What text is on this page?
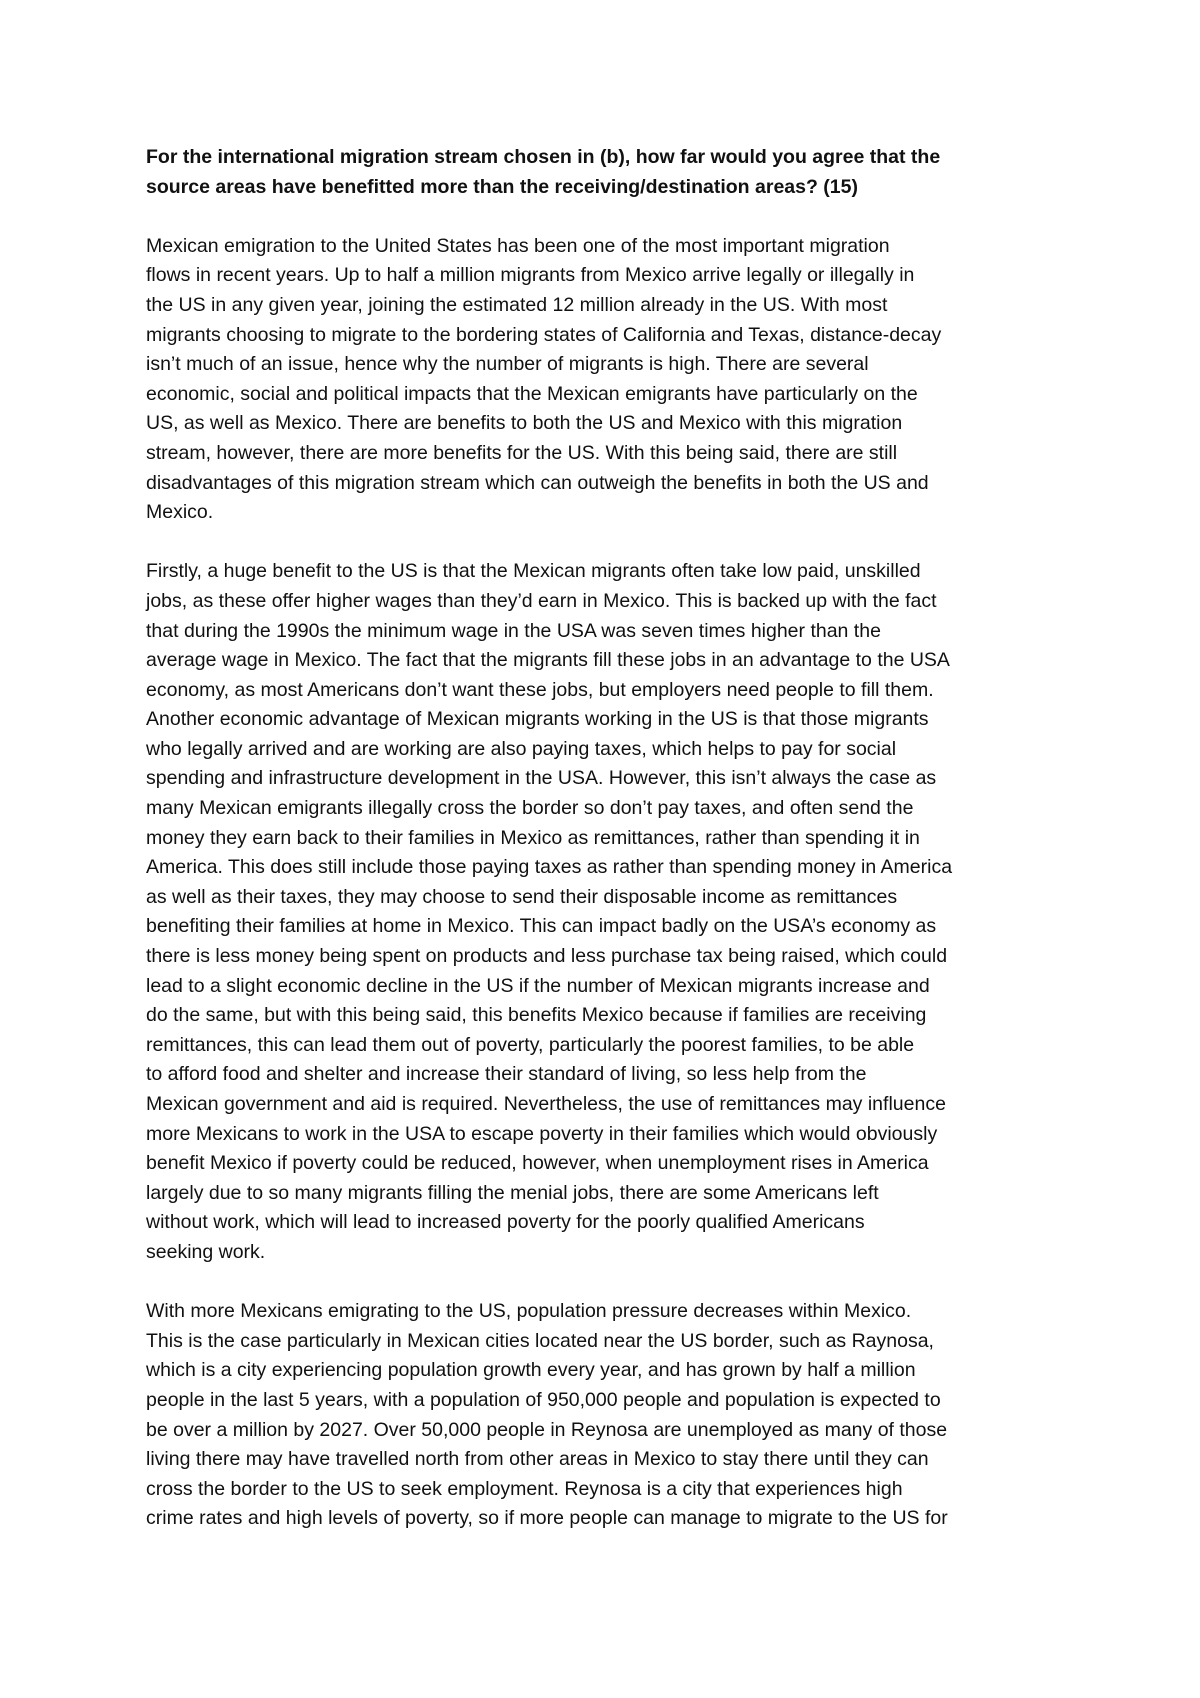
For the international migration stream chosen in (b), how far would you agree that the
source areas have benefitted more than the receiving/destination areas? (15)
Mexican emigration to the United States has been one of the most important migration
flows in recent years. Up to half a million migrants from Mexico arrive legally or illegally in
the US in any given year, joining the estimated 12 million already in the US. With most
migrants choosing to migrate to the bordering states of California and Texas, distance-decay
isn’t much of an issue, hence why the number of migrants is high. There are several
economic, social and political impacts that the Mexican emigrants have particularly on the
US, as well as Mexico. There are benefits to both the US and Mexico with this migration
stream, however, there are more benefits for the US. With this being said, there are still
disadvantages of this migration stream which can outweigh the benefits in both the US and
Mexico.
Firstly, a huge benefit to the US is that the Mexican migrants often take low paid, unskilled
jobs, as these offer higher wages than they’d earn in Mexico. This is backed up with the fact
that during the 1990s the minimum wage in the USA was seven times higher than the
average wage in Mexico. The fact that the migrants fill these jobs in an advantage to the USA
economy, as most Americans don’t want these jobs, but employers need people to fill them.
Another economic advantage of Mexican migrants working in the US is that those migrants
who legally arrived and are working are also paying taxes, which helps to pay for social
spending and infrastructure development in the USA. However, this isn’t always the case as
many Mexican emigrants illegally cross the border so don’t pay taxes, and often send the
money they earn back to their families in Mexico as remittances, rather than spending it in
America. This does still include those paying taxes as rather than spending money in America
as well as their taxes, they may choose to send their disposable income as remittances
benefiting their families at home in Mexico. This can impact badly on the USA’s economy as
there is less money being spent on products and less purchase tax being raised, which could
lead to a slight economic decline in the US if the number of Mexican migrants increase and
do the same, but with this being said, this benefits Mexico because if families are receiving
remittances, this can lead them out of poverty, particularly the poorest families, to be able
to afford food and shelter and increase their standard of living, so less help from the
Mexican government and aid is required. Nevertheless, the use of remittances may influence
more Mexicans to work in the USA to escape poverty in their families which would obviously
benefit Mexico if poverty could be reduced, however, when unemployment rises in America
largely due to so many migrants filling the menial jobs, there are some Americans left
without work, which will lead to increased poverty for the poorly qualified Americans
seeking work.
With more Mexicans emigrating to the US, population pressure decreases within Mexico.
This is the case particularly in Mexican cities located near the US border, such as Raynosa,
which is a city experiencing population growth every year, and has grown by half a million
people in the last 5 years, with a population of 950,000 people and population is expected to
be over a million by 2027. Over 50,000 people in Reynosa are unemployed as many of those
living there may have travelled north from other areas in Mexico to stay there until they can
cross the border to the US to seek employment. Reynosa is a city that experiences high
crime rates and high levels of poverty, so if more people can manage to migrate to the US for
